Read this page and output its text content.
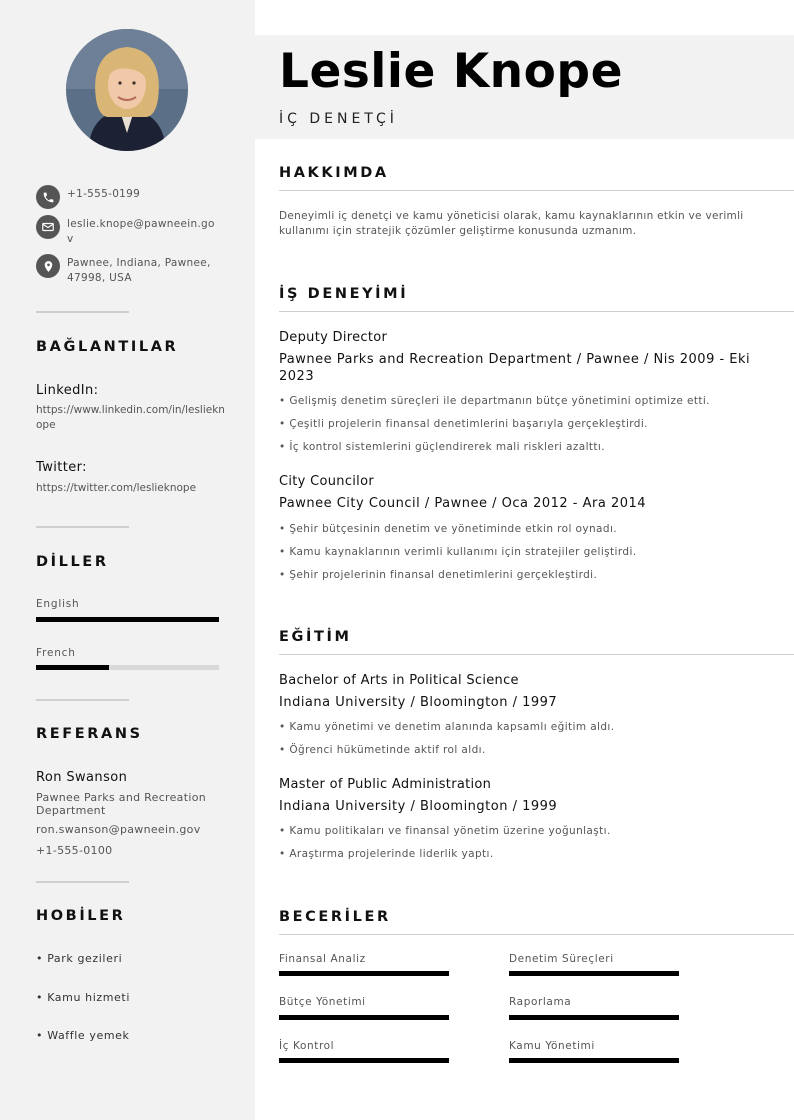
+1-555-0199
leslie.knope@pawneein.gov
Pawnee, Indiana, Pawnee, 47998, USA
BAĞLANTILAR
LinkedIn:
https://www.linkedin.com/in/leslieknope
Twitter:
https://twitter.com/leslieknope
DİLLER
English
French
REFERANS
Ron Swanson
Pawnee Parks and Recreation Department
ron.swanson@pawneein.gov
+1-555-0100
HOBİLER
• Park gezileri
• Kamu hizmeti
• Waffle yemek
Leslie Knope
İÇ DENETÇİ
HAKKIMDA
Deneyimli iç denetçi ve kamu yöneticisi olarak, kamu kaynaklarının etkin ve verimli kullanımı için stratejik çözümler geliştirme konusunda uzmanım.
İŞ DENEYİMİ
Deputy Director
Pawnee Parks and Recreation Department / Pawnee / Nis 2009 - Eki 2023
• Gelişmiş denetim süreçleri ile departmanın bütçe yönetimini optimize etti.
• Çeşitli projelerin finansal denetimlerini başarıyla gerçekleştirdi.
• İç kontrol sistemlerini güçlendirerek mali riskleri azalttı.
City Councilor
Pawnee City Council / Pawnee / Oca 2012 - Ara 2014
• Şehir bütçesinin denetim ve yönetiminde etkin rol oynadı.
• Kamu kaynaklarının verimli kullanımı için stratejiler geliştirdi.
• Şehir projelerinin finansal denetimlerini gerçekleştirdi.
EĞİTİM
Bachelor of Arts in Political Science
Indiana University / Bloomington / 1997
• Kamu yönetimi ve denetim alanında kapsamlı eğitim aldı.
• Öğrenci hükümetinde aktif rol aldı.
Master of Public Administration
Indiana University / Bloomington / 1999
• Kamu politikaları ve finansal yönetim üzerine yoğunlaştı.
• Araştırma projelerinde liderlik yaptı.
BECERİLER
Finansal Analiz	Denetim Süreçleri
Bütçe Yönetimi	Raporlama
İç Kontrol	Kamu Yönetimi
